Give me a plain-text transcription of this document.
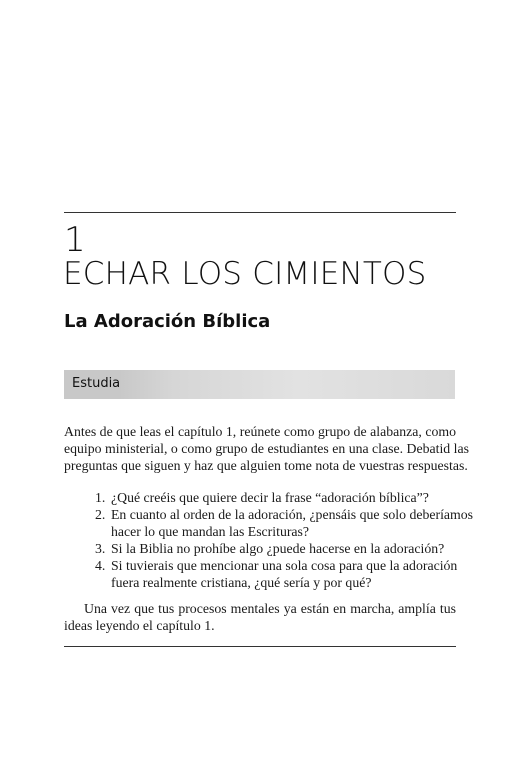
1
ECHAR LOS CIMIENTOS
La Adoración Bíblica
Estudia
Antes de que leas el capítulo 1, reúnete como grupo de alabanza, como
equipo ministerial, o como grupo de estudiantes en una clase. Debatid las
preguntas que siguen y haz que alguien tome nota de vuestras respuestas.
1. ¿Qué creéis que quiere decir la frase “adoración bíblica”?
2. En cuanto al orden de la adoración, ¿pensáis que solo deberíamos
hacer lo que mandan las Escrituras?
3. Si la Biblia no prohíbe algo ¿puede hacerse en la adoración?
4. Si tuvierais que mencionar una sola cosa para que la adoración
fuera realmente cristiana, ¿qué sería y por qué?
Una vez que tus procesos mentales ya están en marcha, amplía tus
ideas leyendo el capítulo 1.
